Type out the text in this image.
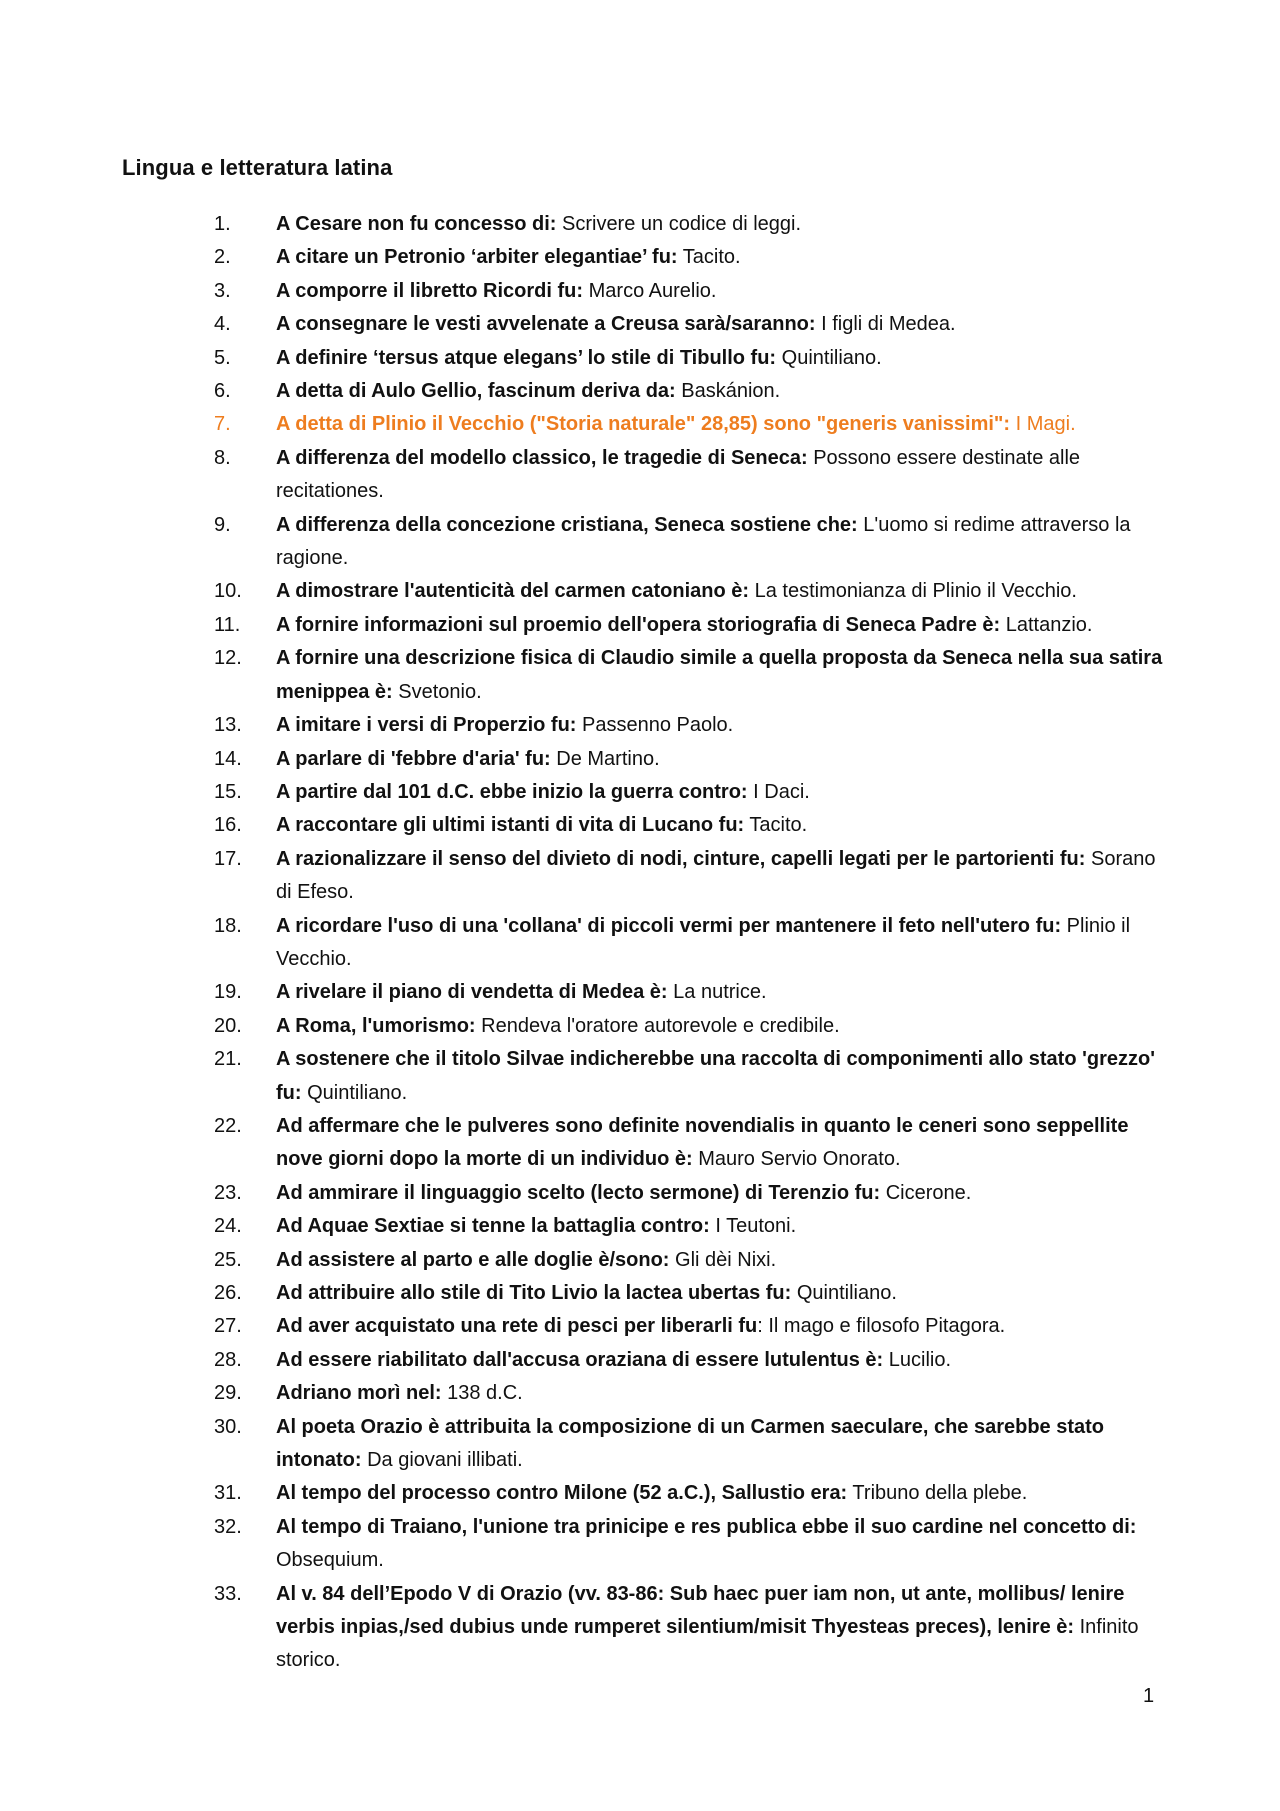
Lingua e letteratura latina
1. A Cesare non fu concesso di: Scrivere un codice di leggi.
2. A citare un Petronio ‘arbiter elegantiae’ fu: Tacito.
3. A comporre il libretto Ricordi fu: Marco Aurelio.
4. A consegnare le vesti avvelenate a Creusa sarà/saranno: I figli di Medea.
5. A definire ‘tersus atque elegans’ lo stile di Tibullo fu: Quintiliano.
6. A detta di Aulo Gellio, fascinum deriva da: Baskánion.
7. A detta di Plinio il Vecchio ("Storia naturale" 28,85) sono "generis vanissimi": I Magi.
8. A differenza del modello classico, le tragedie di Seneca: Possono essere destinate alle recitationes.
9. A differenza della concezione cristiana, Seneca sostiene che: L'uomo si redime attraverso la ragione.
10. A dimostrare l'autenticità del carmen catoniano è: La testimonianza di Plinio il Vecchio.
11. A fornire informazioni sul proemio dell'opera storiografia di Seneca Padre è: Lattanzio.
12. A fornire una descrizione fisica di Claudio simile a quella proposta da Seneca nella sua satira menippea è: Svetonio.
13. A imitare i versi di Properzio fu: Passenno Paolo.
14. A parlare di 'febbre d'aria' fu: De Martino.
15. A partire dal 101 d.C. ebbe inizio la guerra contro: I Daci.
16. A raccontare gli ultimi istanti di vita di Lucano fu: Tacito.
17. A razionalizzare il senso del divieto di nodi, cinture, capelli legati per le partorienti fu: Sorano di Efeso.
18. A ricordare l'uso di una 'collana' di piccoli vermi per mantenere il feto nell'utero fu: Plinio il Vecchio.
19. A rivelare il piano di vendetta di Medea è: La nutrice.
20. A Roma, l'umorismo: Rendeva l'oratore autorevole e credibile.
21. A sostenere che il titolo Silvae indicherebbe una raccolta di componimenti allo stato 'grezzo' fu: Quintiliano.
22. Ad affermare che le pulveres sono definite novendialis in quanto le ceneri sono seppellite nove giorni dopo la morte di un individuo è: Mauro Servio Onorato.
23. Ad ammirare il linguaggio scelto (lecto sermone) di Terenzio fu: Cicerone.
24. Ad Aquae Sextiae si tenne la battaglia contro: I Teutoni.
25. Ad assistere al parto e alle doglie è/sono: Gli dèi Nixi.
26. Ad attribuire allo stile di Tito Livio la lactea ubertas fu: Quintiliano.
27. Ad aver acquistato una rete di pesci per liberarli fu: Il mago e filosofo Pitagora.
28. Ad essere riabilitato dall'accusa oraziana di essere lutulentus è: Lucilio.
29. Adriano morì nel: 138 d.C.
30. Al poeta Orazio è attribuita la composizione di un Carmen saeculare, che sarebbe stato intonato: Da giovani illibati.
31. Al tempo del processo contro Milone (52 a.C.), Sallustio era: Tribuno della plebe.
32. Al tempo di Traiano, l'unione tra prinicipe e res publica ebbe il suo cardine nel concetto di: Obsequium.
33. Al v. 84 dell’Epodo V di Orazio (vv. 83-86: Sub haec puer iam non, ut ante, mollibus/ lenire verbis inpias,/sed dubius unde rumperet silentium/misit Thyesteas preces), lenire è: Infinito storico.
1
